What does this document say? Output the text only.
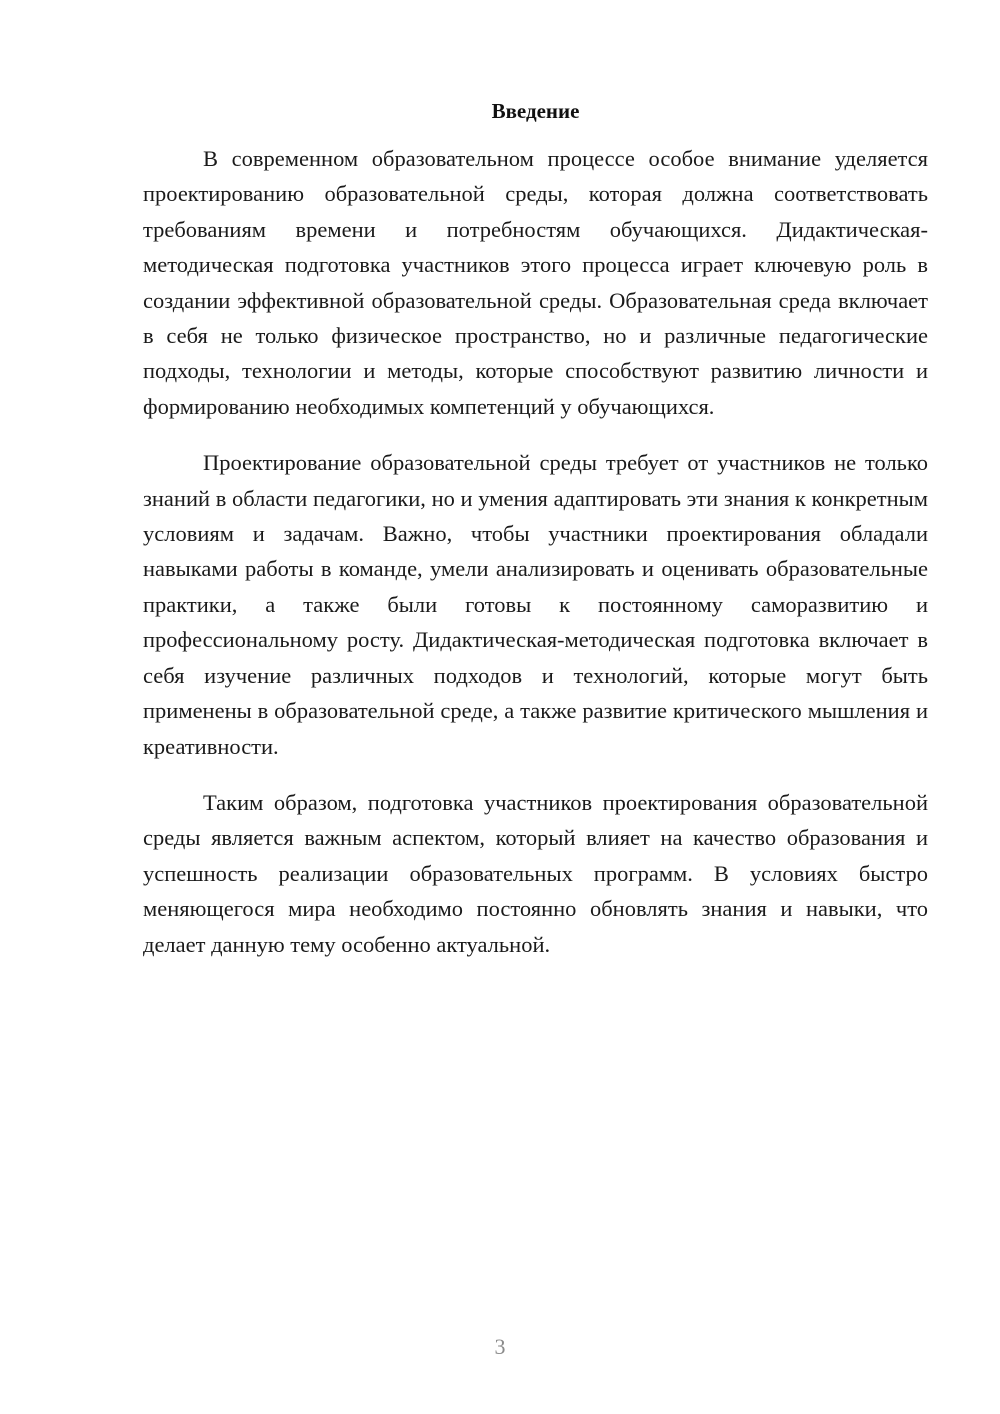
Введение

В современном образовательном процессе особое внимание уделяется проектированию образовательной среды, которая должна соответствовать требованиям времени и потребностям обучающихся. Дидактическая-методическая подготовка участников этого процесса играет ключевую роль в создании эффективной образовательной среды. Образовательная среда включает в себя не только физическое пространство, но и различные педагогические подходы, технологии и методы, которые способствуют развитию личности и формированию необходимых компетенций у обучающихся.

Проектирование образовательной среды требует от участников не только знаний в области педагогики, но и умения адаптировать эти знания к конкретным условиям и задачам. Важно, чтобы участники проектирования обладали навыками работы в команде, умели анализировать и оценивать образовательные практики, а также были готовы к постоянному саморазвитию и профессиональному росту. Дидактическая-методическая подготовка включает в себя изучение различных подходов и технологий, которые могут быть применены в образовательной среде, а также развитие критического мышления и креативности.

Таким образом, подготовка участников проектирования образовательной среды является важным аспектом, который влияет на качество образования и успешность реализации образовательных программ. В условиях быстро меняющегося мира необходимо постоянно обновлять знания и навыки, что делает данную тему особенно актуальной.

3
